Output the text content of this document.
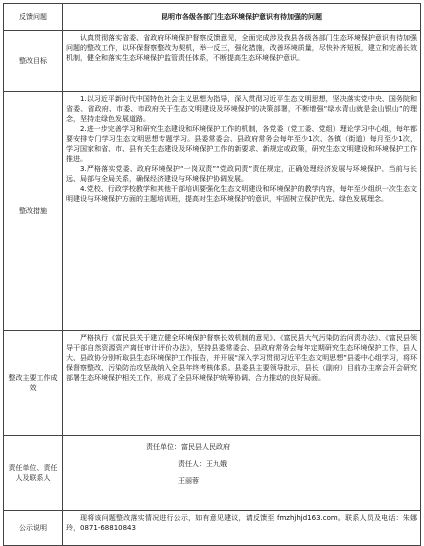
反馈问题	昆明市各级各部门生态环境保护意识有待加强的问题
整改目标	认真贯彻落实省委、省政府环境保护督察反馈意见，全面完成涉及我县各级各部门生态环境保护意识有待加强问题的整改工作，以环保督察整改为契机，举一反三，强化措施，改善环境质量，尽快补齐短板，建立和完善长效机制，健全和落实生态环境保护监管责任体系，不断提高生态环境保护意识。

整改措施	1.以习近平新时代中国特色社会主义思想为指导，深入贯彻习近平生态文明思想，坚决落实党中央、国务院和省委、省政府、市委、市政府关于生态文明建设及环境保护的决策部署，不断增强“绿水青山就是金山银山”的理念，坚持走绿色发展道路。

2.进一步完善学习和研究生态建设和环境保护工作的机制，各党委（党工委、党组）理论学习中心组，每年都要安排专门学习生态文明思想专题学习。县委常委会、县政府常务会每年至少1次、各镇（街道）每月至少1次，学习国家和省、市、县有关生态建设及环境保护工作的新要求、新规定或政策，研究生态文明建设和环境保护工作推进。

3.严格落实党委、政府环境保护“一岗双责”“党政同责”责任规定，正确处理经济发展与环境保护、当前与长远、局部与全局关系，确保经济建设与环境保护协调发展。

4.党校、行政学校教学和其他干部培训要强化生态文明建设和环境保护的教学内容，每年至少组织一次生态文明建设与环境保护方面的主题培训班，提高对生态环境保护的意识，牢固树立保护优先、绿色发展理念。

整改主要工作成效	严格执行《富民县关于建立健全环境保护督察长效机制的意见》、《富民县大气污染防治问责办法》、《富民县领导干部自然资源资产离任审计评价办法》，坚持县委常委会、县政府常务会每年定期研究生态环境保护工作，县人大、县政协分别听取县生态环境保护工作报告，并开展“深入学习贯彻习近平生态文明思想”县委中心组学习，将环保督察整改、污染防治攻坚战纳入全县年终考核体系。县委县主要领导批示，县长（副府）目前办主席会开会研究部署生态环境保护相关工作，形成了全县环境保护统筹协调、合力推动的良好局面。

责任单位、责任人及联系人	责任单位：富民县人民政府

责任人：王九娥

王丽蓉

公示说明	现将该问题整改落实情况进行公示，如有意见建议，请反馈至 fmzhjhjd163.com。联系人员及电话：朱娜玲，0871-68810843
